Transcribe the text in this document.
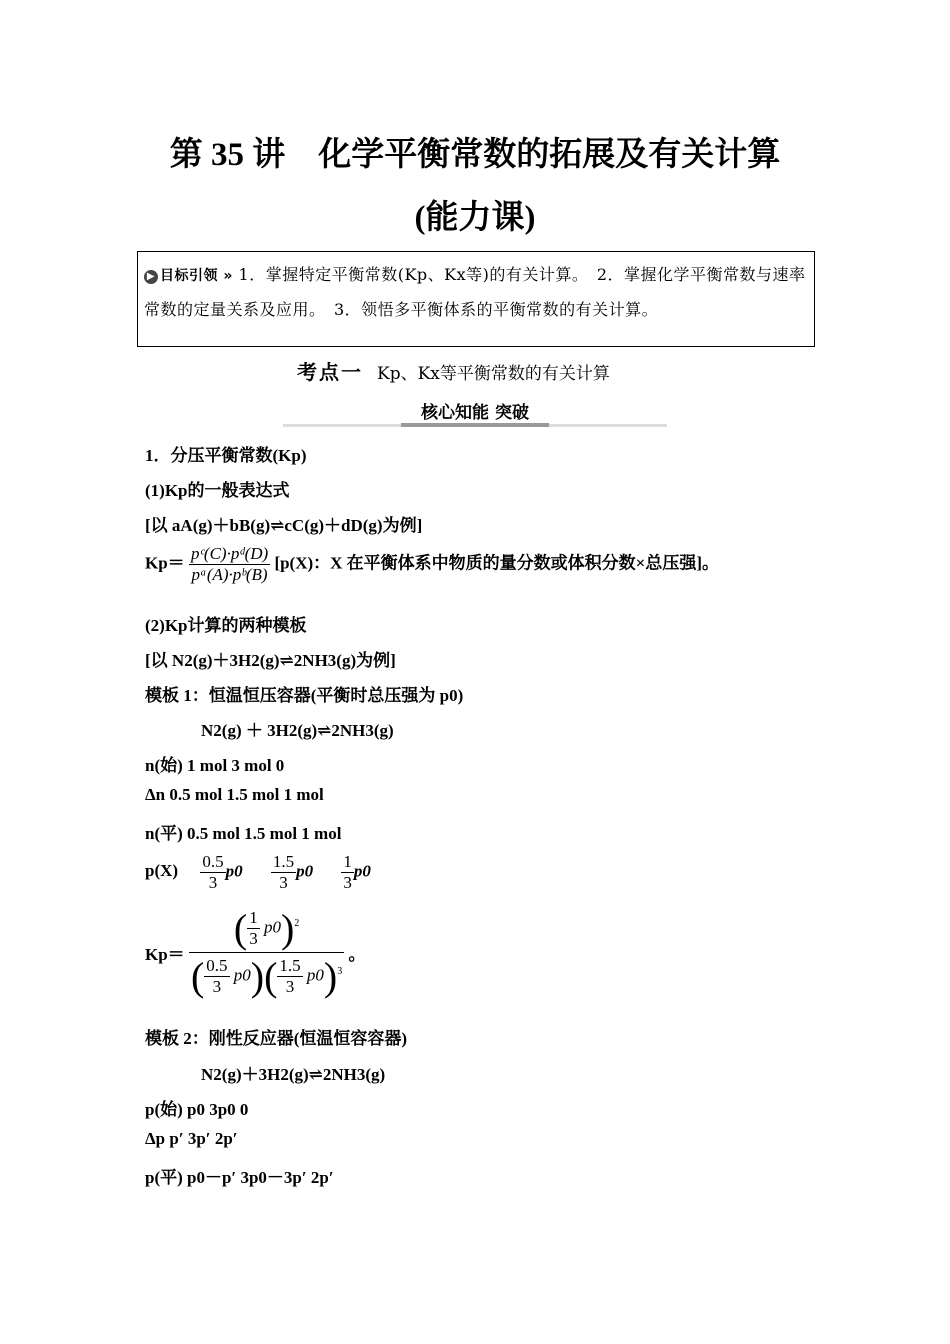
第 35 讲　化学平衡常数的拓展及有关计算
(能力课)
▶ 目标引领 » 1．掌握特定平衡常数(Kp、Kx等)的有关计算。　2．掌握化学平衡常数与速率常数的定量关系及应用。　3．领悟多平衡体系的平衡常数的有关计算。
考点一 Kp、Kx等平衡常数的有关计算
核心知能 突破
1．分压平衡常数(Kp)
(1)Kp的一般表达式
[以 aA(g)＋bB(g)⇌cC(g)＋dD(g)为例]
$Kp= \frac{\text{pᶜ(C)·pᵈ(D)}}{\text{pᵃ(A)·pᵇ(B)}} [p(X)$：X 在平衡体系中物质的量分数或体积分数×总压强]。
(2)Kp计算的两种模板
[以 N2(g)＋3H2(g)⇌2NH3(g)为例]
模板 1：恒温恒压容器(平衡时总压强为 p0)
N2(g) ＋ 3H2(g)⇌2NH3(g)
n(始) 1 mol 3 mol 0
Δn 0.5 mol 1.5 mol 1 mol
n(平) 0.5 mol 1.5 mol 1 mol
$p(X) \frac{0.5}{3} p0 \frac{1.5}{3} p0 \frac{1}{3} p0$
$Kp= \frac{( \frac{1}{3} p0)^2}{( \frac{0.5}{3} p0)( \frac{1.5}{3} p0)^3}$ 。
模板 2：刚性反应器(恒温恒容容器)
N2(g)＋3H2(g)⇌2NH3(g)
p(始) p0 3p0 0
Δp p′ 3p′ 2p′
p(平) p0－p′ 3p0－3p′ 2p′
